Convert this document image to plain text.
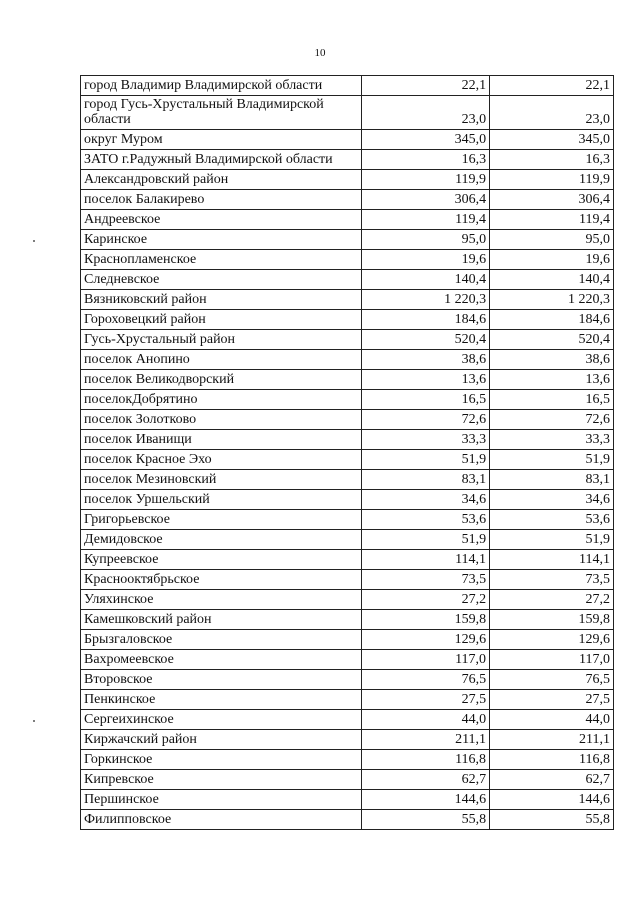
10
город Владимир Владимирской области	22,1	22,1
город Гусь-Хрустальный Владимирской области	23,0	23,0
округ Муром	345,0	345,0
ЗАТО г.Радужный Владимирской области	16,3	16,3
Александровский район	119,9	119,9
поселок Балакирево	306,4	306,4
Андреевское	119,4	119,4
Каринское	95,0	95,0
Краснопламенское	19,6	19,6
Следневское	140,4	140,4
Вязниковский район	1 220,3	1 220,3
Гороховецкий район	184,6	184,6
Гусь-Хрустальный район	520,4	520,4
поселок Анопино	38,6	38,6
поселок Великодворский	13,6	13,6
поселокДобрятино	16,5	16,5
поселок Золотково	72,6	72,6
поселок Иванищи	33,3	33,3
поселок Красное Эхо	51,9	51,9
поселок Мезиновский	83,1	83,1
поселок Уршельский	34,6	34,6
Григорьевское	53,6	53,6
Демидовское	51,9	51,9
Купреевское	114,1	114,1
Краснооктябрьское	73,5	73,5
Уляхинское	27,2	27,2
Камешковский район	159,8	159,8
Брызгаловское	129,6	129,6
Вахромеевское	117,0	117,0
Второвское	76,5	76,5
Пенкинское	27,5	27,5
Сергеихинское	44,0	44,0
Киржачский район	211,1	211,1
Горкинское	116,8	116,8
Кипревское	62,7	62,7
Першинское	144,6	144,6
Филипповское	55,8	55,8
